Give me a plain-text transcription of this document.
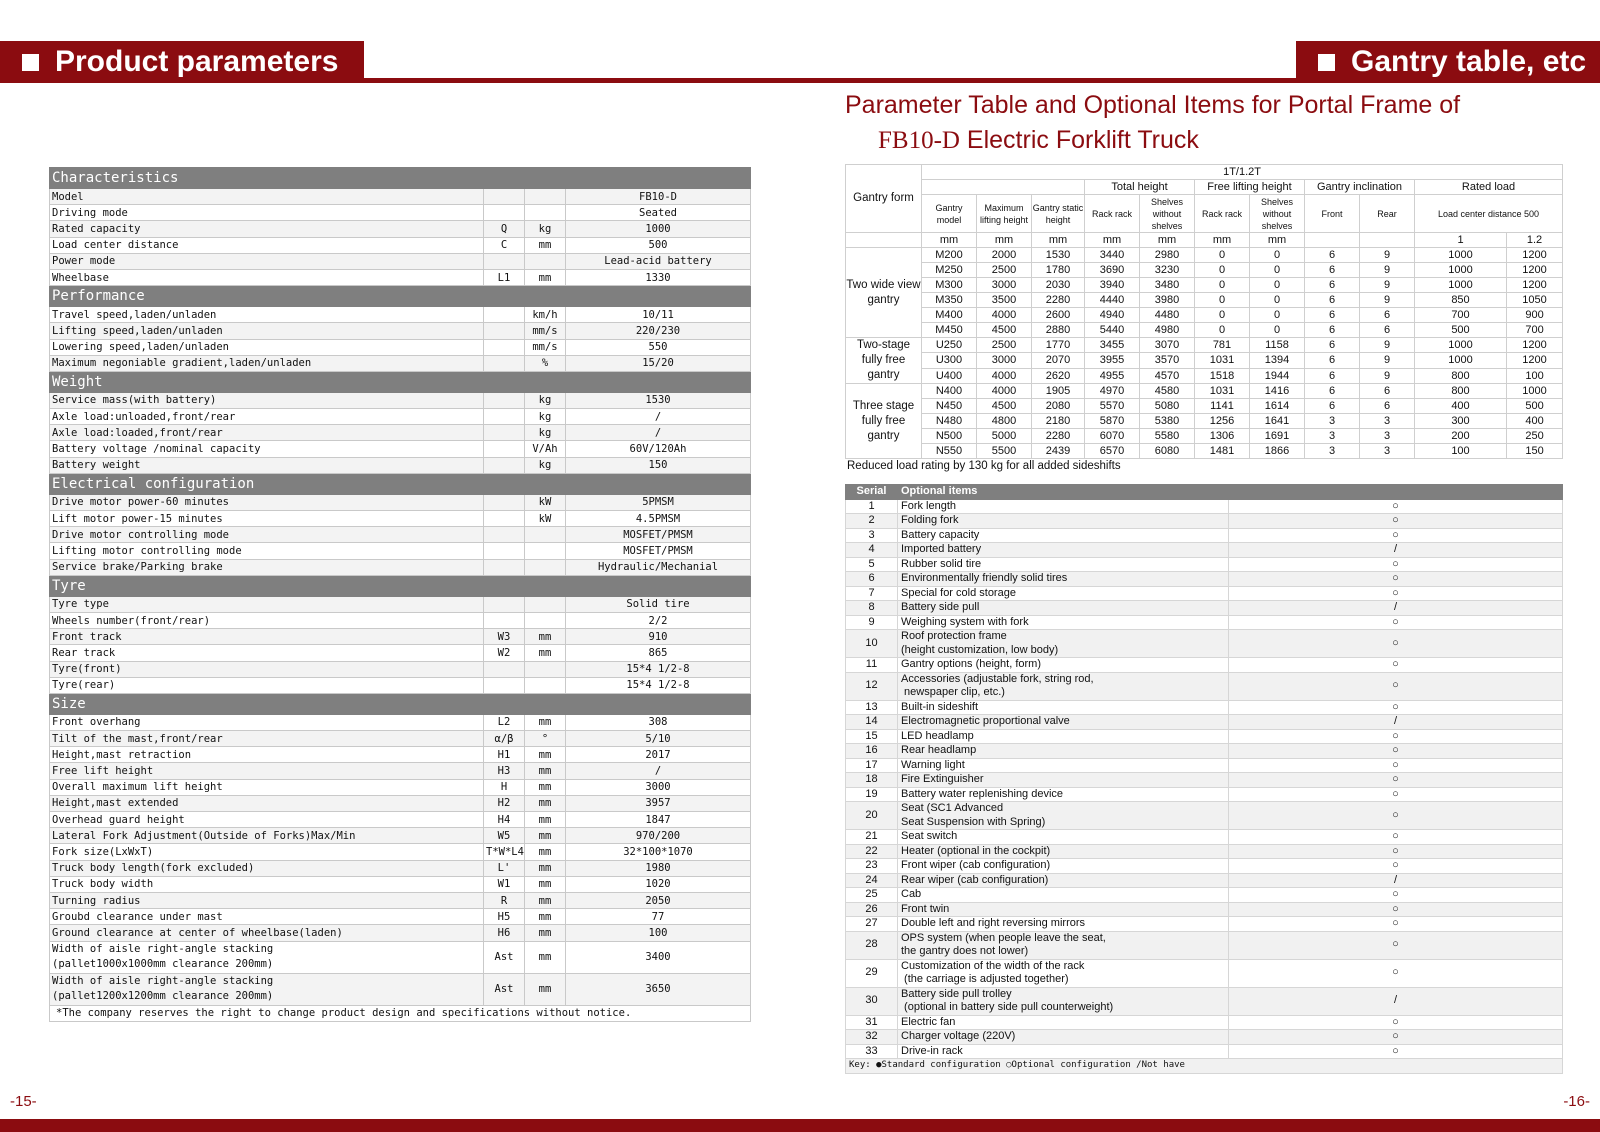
Product parameters	Gantry table, etc
Parameter Table and Optional Items for Portal Frame of
FB10-D Electric Forklift Truck
Characteristics			
Model			FB10-D
Driving mode			Seated
Rated capacity	Q	kg	1000
Load center distance	C	mm	500
Power mode			Lead-acid battery
Wheelbase	L1	mm	1330
Performance			
Travel speed,laden/unladen		km/h	10/11
Lifting speed,laden/unladen		mm/s	220/230
Lowering speed,laden/unladen		mm/s	550
Maximum negoniable gradient,laden/unladen		%	15/20
Weight			
Service mass(with battery)		kg	1530
Axle load:unloaded,front/rear		kg	/
Axle load:loaded,front/rear		kg	/
Battery voltage /nominal capacity		V/Ah	60V/120Ah
Battery weight		kg	150
Electrical configuration			
Drive motor power-60 minutes		kW	5PMSM
Lift motor power-15 minutes		kW	4.5PMSM
Drive motor controlling mode			MOSFET/PMSM
Lifting motor controlling mode			MOSFET/PMSM
Service brake/Parking brake			Hydraulic/Mechanial
Tyre			
Tyre type			Solid tire
Wheels number(front/rear)			2/2
Front track	W3	mm	910
Rear track	W2	mm	865
Tyre(front)			15*4 1/2-8
Tyre(rear)			15*4 1/2-8
Size			
Front overhang	L2	mm	308
Tilt of the mast,front/rear	α/β	°	5/10
Height,mast retraction	H1	mm	2017
Free lift height	H3	mm	/
Overall maximum lift height	H	mm	3000
Height,mast extended	H2	mm	3957
Overhead guard height	H4	mm	1847
Lateral Fork Adjustment(Outside of Forks)Max/Min	W5	mm	970/200
Fork size(LxWxT)	T*W*L4	mm	32*100*1070
Truck body length(fork excluded)	L'	mm	1980
Truck body width	W1	mm	1020
Turning radius	R	mm	2050
Groubd clearance under mast	H5	mm	77
Ground clearance at center of wheelbase(laden)	H6	mm	100
Width of aisle right-angle stacking
(pallet1000x1000mm clearance 200mm)	Ast	mm	3400
Width of aisle right-angle stacking
(pallet1200x1200mm clearance 200mm)	Ast	mm	3650
*The company reserves the right to change product design and specifications without notice.			
Gantry form	1T/1.2T										
				Total height		Free lifting height		Gantry inclination		Rated load	
	Gantry model	Maximum lifting height	Gantry static height	Rack rack	Shelves without shelves	Rack rack	Shelves without shelves	Front	Rear	Load center distance 500	
	mm	mm	mm	mm	mm	mm	mm			1	1.2
Two wide view gantry	M200	2000	1530	3440	2980	0	0	6	9	1000	1200
	M250	2500	1780	3690	3230	0	0	6	9	1000	1200
	M300	3000	2030	3940	3480	0	0	6	9	1000	1200
	M350	3500	2280	4440	3980	0	0	6	9	850	1050
	M400	4000	2600	4940	4480	0	0	6	6	700	900
	M450	4500	2880	5440	4980	0	0	6	6	500	700
Two-stage fully free gantry	U250	2500	1770	3455	3070	781	1158	6	9	1000	1200
	U300	3000	2070	3955	3570	1031	1394	6	9	1000	1200
	U400	4000	2620	4955	4570	1518	1944	6	9	800	100
Three stage fully free gantry	N400	4000	1905	4970	4580	1031	1416	6	6	800	1000
	N450	4500	2080	5570	5080	1141	1614	6	6	400	500
	N480	4800	2180	5870	5380	1256	1641	3	3	300	400
	N500	5000	2280	6070	5580	1306	1691	3	3	200	250
	N550	5500	2439	6570	6080	1481	1866	3	3	100	150
Reduced load rating by 130 kg for all added sideshifts
Serial	Optional items	
1	Fork length	○
2	Folding fork	○
3	Battery capacity	○
4	Imported battery	/
5	Rubber solid tire	○
6	Environmentally friendly solid tires	○
7	Special for cold storage	○
8	Battery side pull	/
9	Weighing system with fork	○
10	Roof protection frame
(height customization, low body)	○
11	Gantry options (height, form)	○
12	Accessories (adjustable fork, string rod,
newspaper clip, etc.)	○
13	Built-in sideshift	○
14	Electromagnetic proportional valve	/
15	LED headlamp	○
16	Rear headlamp	○
17	Warning light	○
18	Fire Extinguisher	○
19	Battery water replenishing device	○
20	Seat (SC1 Advanced
Seat Suspension with Spring)	○
21	Seat switch	○
22	Heater (optional in the cockpit)	○
23	Front wiper (cab configuration)	○
24	Rear wiper (cab configuration)	/
25	Cab	○
26	Front twin	○
27	Double left and right reversing mirrors	○
28	OPS system (when people leave the seat,
the gantry does not lower)	○
29	Customization of the width of the rack
(the carriage is adjusted together)	○
30	Battery side pull trolley
(optional in battery side pull counterweight)	/
31	Electric fan	○
32	Charger voltage (220V)	○
33	Drive-in rack	○
Key: ●Standard configuration ○Optional configuration /Not have		
-15-	-16-
